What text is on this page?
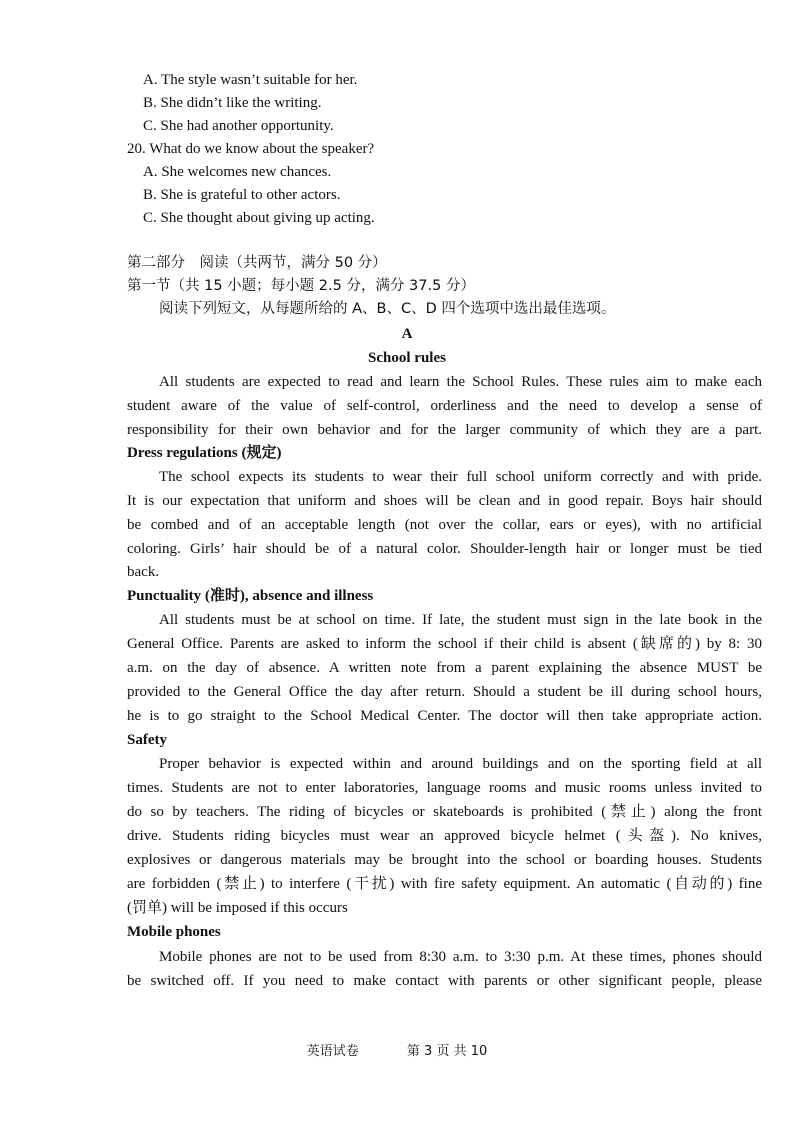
A. The style wasn’t suitable for her.
B. She didn’t like the writing.
C. She had another opportunity.
20. What do we know about the speaker?
A. She welcomes new chances.
B. She is grateful to other actors.
C. She thought about giving up acting.
第二部分　阅读（共两节，满分 50 分）
第一节（共 15 小题；每小题 2.5 分，满分 37.5 分）
阅读下列短文，从每题所给的 A、B、C、D 四个选项中选出最佳选项。
A
School rules
All students are expected to read and learn the School Rules. These rules aim to make each
student aware of the value of self-control, orderliness and the need to develop a sense of
responsibility for their own behavior and for the larger community of which they are a part.
Dress regulations (规定)
The school expects its students to wear their full school uniform correctly and with pride.
It is our expectation that uniform and shoes will be clean and in good repair. Boys hair should
be combed and of an acceptable length (not over the collar, ears or eyes), with no artificial
coloring. Girls’ hair should be of a natural color. Shoulder-length hair or longer must be tied
back.
Punctuality (准时), absence and illness
All students must be at school on time. If late, the student must sign in the late book in the
General Office. Parents are asked to inform the school if their child is absent (缺席的) by 8: 30
a.m. on the day of absence. A written note from a parent explaining the absence MUST be
provided to the General Office the day after return. Should a student be ill during school hours,
he is to go straight to the School Medical Center. The doctor will then take appropriate action.
Safety
Proper behavior is expected within and around buildings and on the sporting field at all
times. Students are not to enter laboratories, language rooms and music rooms unless invited to
do so by teachers. The riding of bicycles or skateboards is prohibited (禁止) along the front
drive. Students riding bicycles must wear an approved bicycle helmet (头盔). No knives,
explosives or dangerous materials may be brought into the school or boarding houses. Students
are forbidden (禁止) to interfere (干扰) with fire safety equipment. An automatic (自动的) fine
(罚单) will be imposed if this occurs
Mobile phones
Mobile phones are not to be used from 8:30 a.m. to 3:30 p.m. At these times, phones should
be switched off. If you need to make contact with parents or other significant people, please
英语试卷	第 3 页 共 10
